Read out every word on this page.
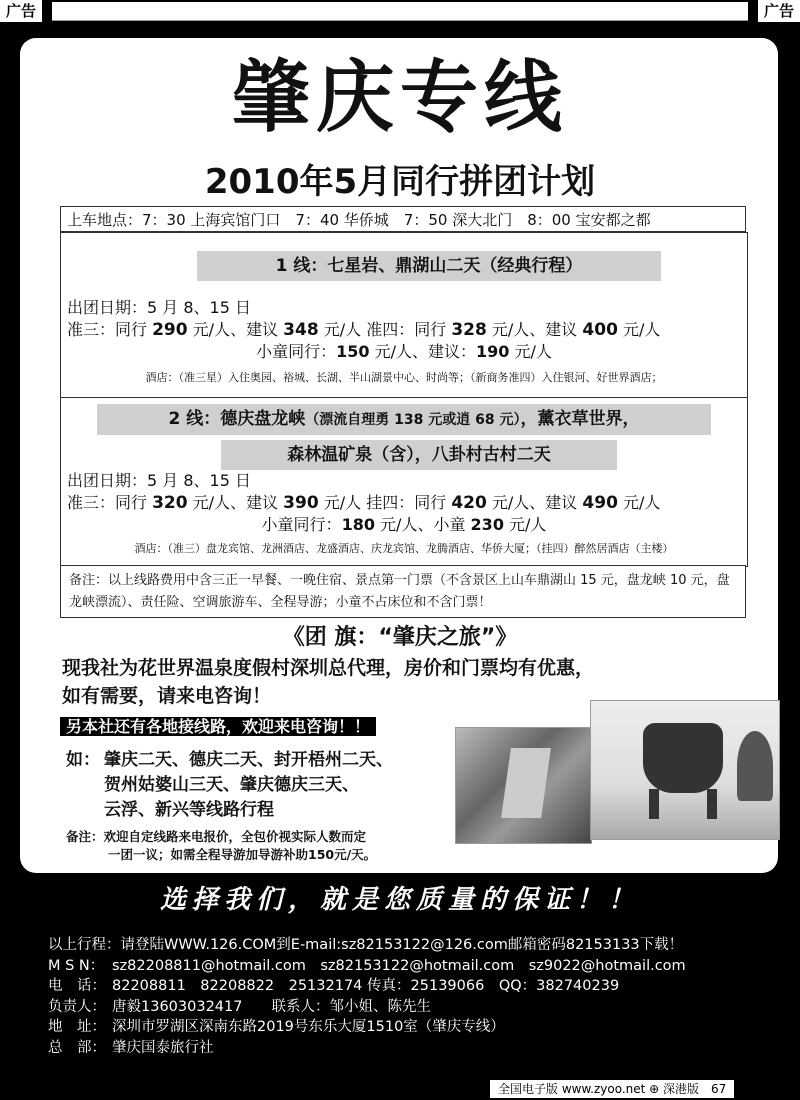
广告	广告
肇庆专线
2010年5月同行拼团计划
上车地点：7：30 上海宾馆门口　7：40 华侨城　7：50 深大北门　8：00 宝安都之都
1 线：七星岩、鼎湖山二天（经典行程）
出团日期：5 月 8、15 日
准三：同行 290 元/人、建议 348 元/人 准四：同行 328 元/人、建议 400 元/人
小童同行：150 元/人、建议：190 元/人
酒店：（准三星）入住奥园、裕城、长湖、半山湖景中心、时尚等；（新商务准四）入住银河、好世界酒店；
2 线：德庆盘龙峡（漂流自理勇 138 元或逍 68 元），薰衣草世界，
森林温矿泉（含），八卦村古村二天
出团日期：5 月 8、15 日
准三：同行 320 元/人、建议 390 元/人 挂四：同行 420 元/人、建议 490 元/人
小童同行：180 元/人、小童 230 元/人
酒店：（准三）盘龙宾馆、龙洲酒店、龙盛酒店、庆龙宾馆、龙腾酒店、华侨大厦；（挂四）醉然居酒店（主楼）
备注：以上线路费用中含三正一早餐、一晚住宿、景点第一门票（不含景区上山车鼎湖山 15 元，盘龙峡 10 元，盘龙峡漂流）、责任险、空调旅游车、全程导游；小童不占床位和不含门票！
《团 旗：“肇庆之旅”》
现我社为花世界温泉度假村深圳总代理，房价和门票均有优惠，
如有需要，请来电咨询！
另本社还有各地接线路，欢迎来电咨询！！
如： 肇庆二天、德庆二天、封开梧州二天、
贺州姑婆山三天、肇庆德庆三天、
云浮、新兴等线路行程
备注：欢迎自定线路来电报价，全包价视实际人数而定
一团一议；如需全程导游加导游补助150元/天。
❦
选择我们，就是您质量的保证！！
以上行程：请登陆WWW.126.COM到E-mail:sz82153122@126.com邮箱密码82153133下载！
M S N： sz82208811@hotmail.com　sz82153122@hotmail.com　sz9022@hotmail.com
电　话： 82208811　82208822　25132174 传真：25139066　QQ：382740239
负责人： 唐毅13603032417　　联系人：邹小姐、陈先生
地　址： 深圳市罗湖区深南东路2019号东乐大厦1510室（肇庆专线）
总　部： 肇庆国泰旅行社
全国电子版 www.zyoo.net ⊕ 深港版　67
